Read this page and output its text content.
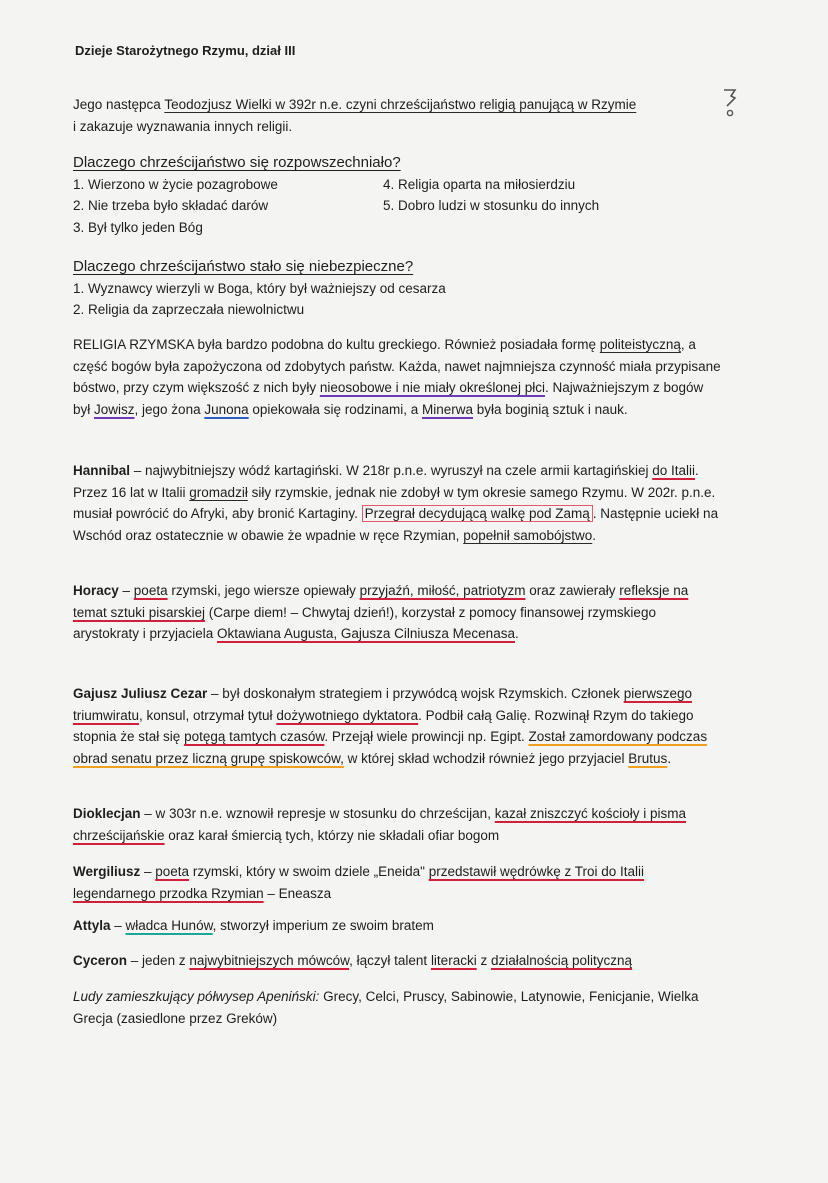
Dzieje Starożytnego Rzymu, dział III
Jego następca Teodozjusz Wielki w 392r n.e. czyni chrześcijaństwo religią panującą w Rzymie
i zakazuje wyznawania innych religii.
Dlaczego chrześcijaństwo się rozpowszechniało?
1. Wierzono w życie pozagrobowe
2. Nie trzeba było składać darów
3. Był tylko jeden Bóg
4. Religia oparta na miłosierdziu
5. Dobro ludzi w stosunku do innych
Dlaczego chrześcijaństwo stało się niebezpieczne?
1. Wyznawcy wierzyli w Boga, który był ważniejszy od cesarza
2. Religia da zaprzeczała niewolnictwu
RELIGIA RZYMSKA była bardzo podobna do kultu greckiego. Również posiadała formę politeistyczną, a część bogów była zapożyczona od zdobytych państw. Każda, nawet najmniejsza czynność miała przypisane bóstwo, przy czym większość z nich były nieosobowe i nie miały określonej płci. Najważniejszym z bogów był Jowisz, jego żona Junona opiekowała się rodzinami, a Minerwa była boginią sztuk i nauk.
Hannibal – najwybitniejszy wódź kartagiński. W 218r p.n.e. wyruszył na czele armii kartagińskiej do Italii. Przez 16 lat w Italii gromadził siły rzymskie, jednak nie zdobył w tym okresie samego Rzymu. W 202r. p.n.e. musiał powrócić do Afryki, aby bronić Kartaginy. Przegrał decydującą walkę pod Zamą . Następnie uciekł na Wschód oraz ostatecznie w obawie że wpadnie w ręce Rzymian, popełnił samobójstwo.
Horacy – poeta rzymski, jego wiersze opiewały przyjaźń, miłość, patriotyzm oraz zawierały refleksje na temat sztuki pisarskiej (Carpe diem! – Chwytaj dzień!), korzystał z pomocy finansowej rzymskiego arystokraty i przyjaciela Oktawiana Augusta, Gajusza Cilniusza Mecenasa.
Gajusz Juliusz Cezar – był doskonałym strategiem i przywódcą wojsk Rzymskich. Członek pierwszego triumwiratu, konsul, otrzymał tytuł dożywotniego dyktatora. Podbił całą Galię. Rozwinął Rzym do takiego stopnia że stał się potęgą tamtych czasów. Przejął wiele prowincji np. Egipt. Został zamordowany podczas obrad senatu przez liczną grupę spiskowców, w której skład wchodził również jego przyjaciel Brutus.
Dioklecjan – w 303r n.e. wznowił represje w stosunku do chrześcijan, kazał zniszczyć kościoły i pisma chrześcijańskie oraz karał śmiercią tych, którzy nie składali ofiar bogom
Wergiliusz – poeta rzymski, który w swoim dziele „Eneida" przedstawił wędrówkę z Troi do Italii legendarnego przodka Rzymian – Eneasza
Attyla – władca Hunów, stworzył imperium ze swoim bratem
Cyceron – jeden z najwybitniejszych mówców, łączył talent literacki z działalnością polityczną
Ludy zamieszkujący półwysep Apeniński: Grecy, Celci, Pruscy, Sabinowie, Latynowie, Fenicjanie, Wielka Grecja (zasiedlone przez Greków)
